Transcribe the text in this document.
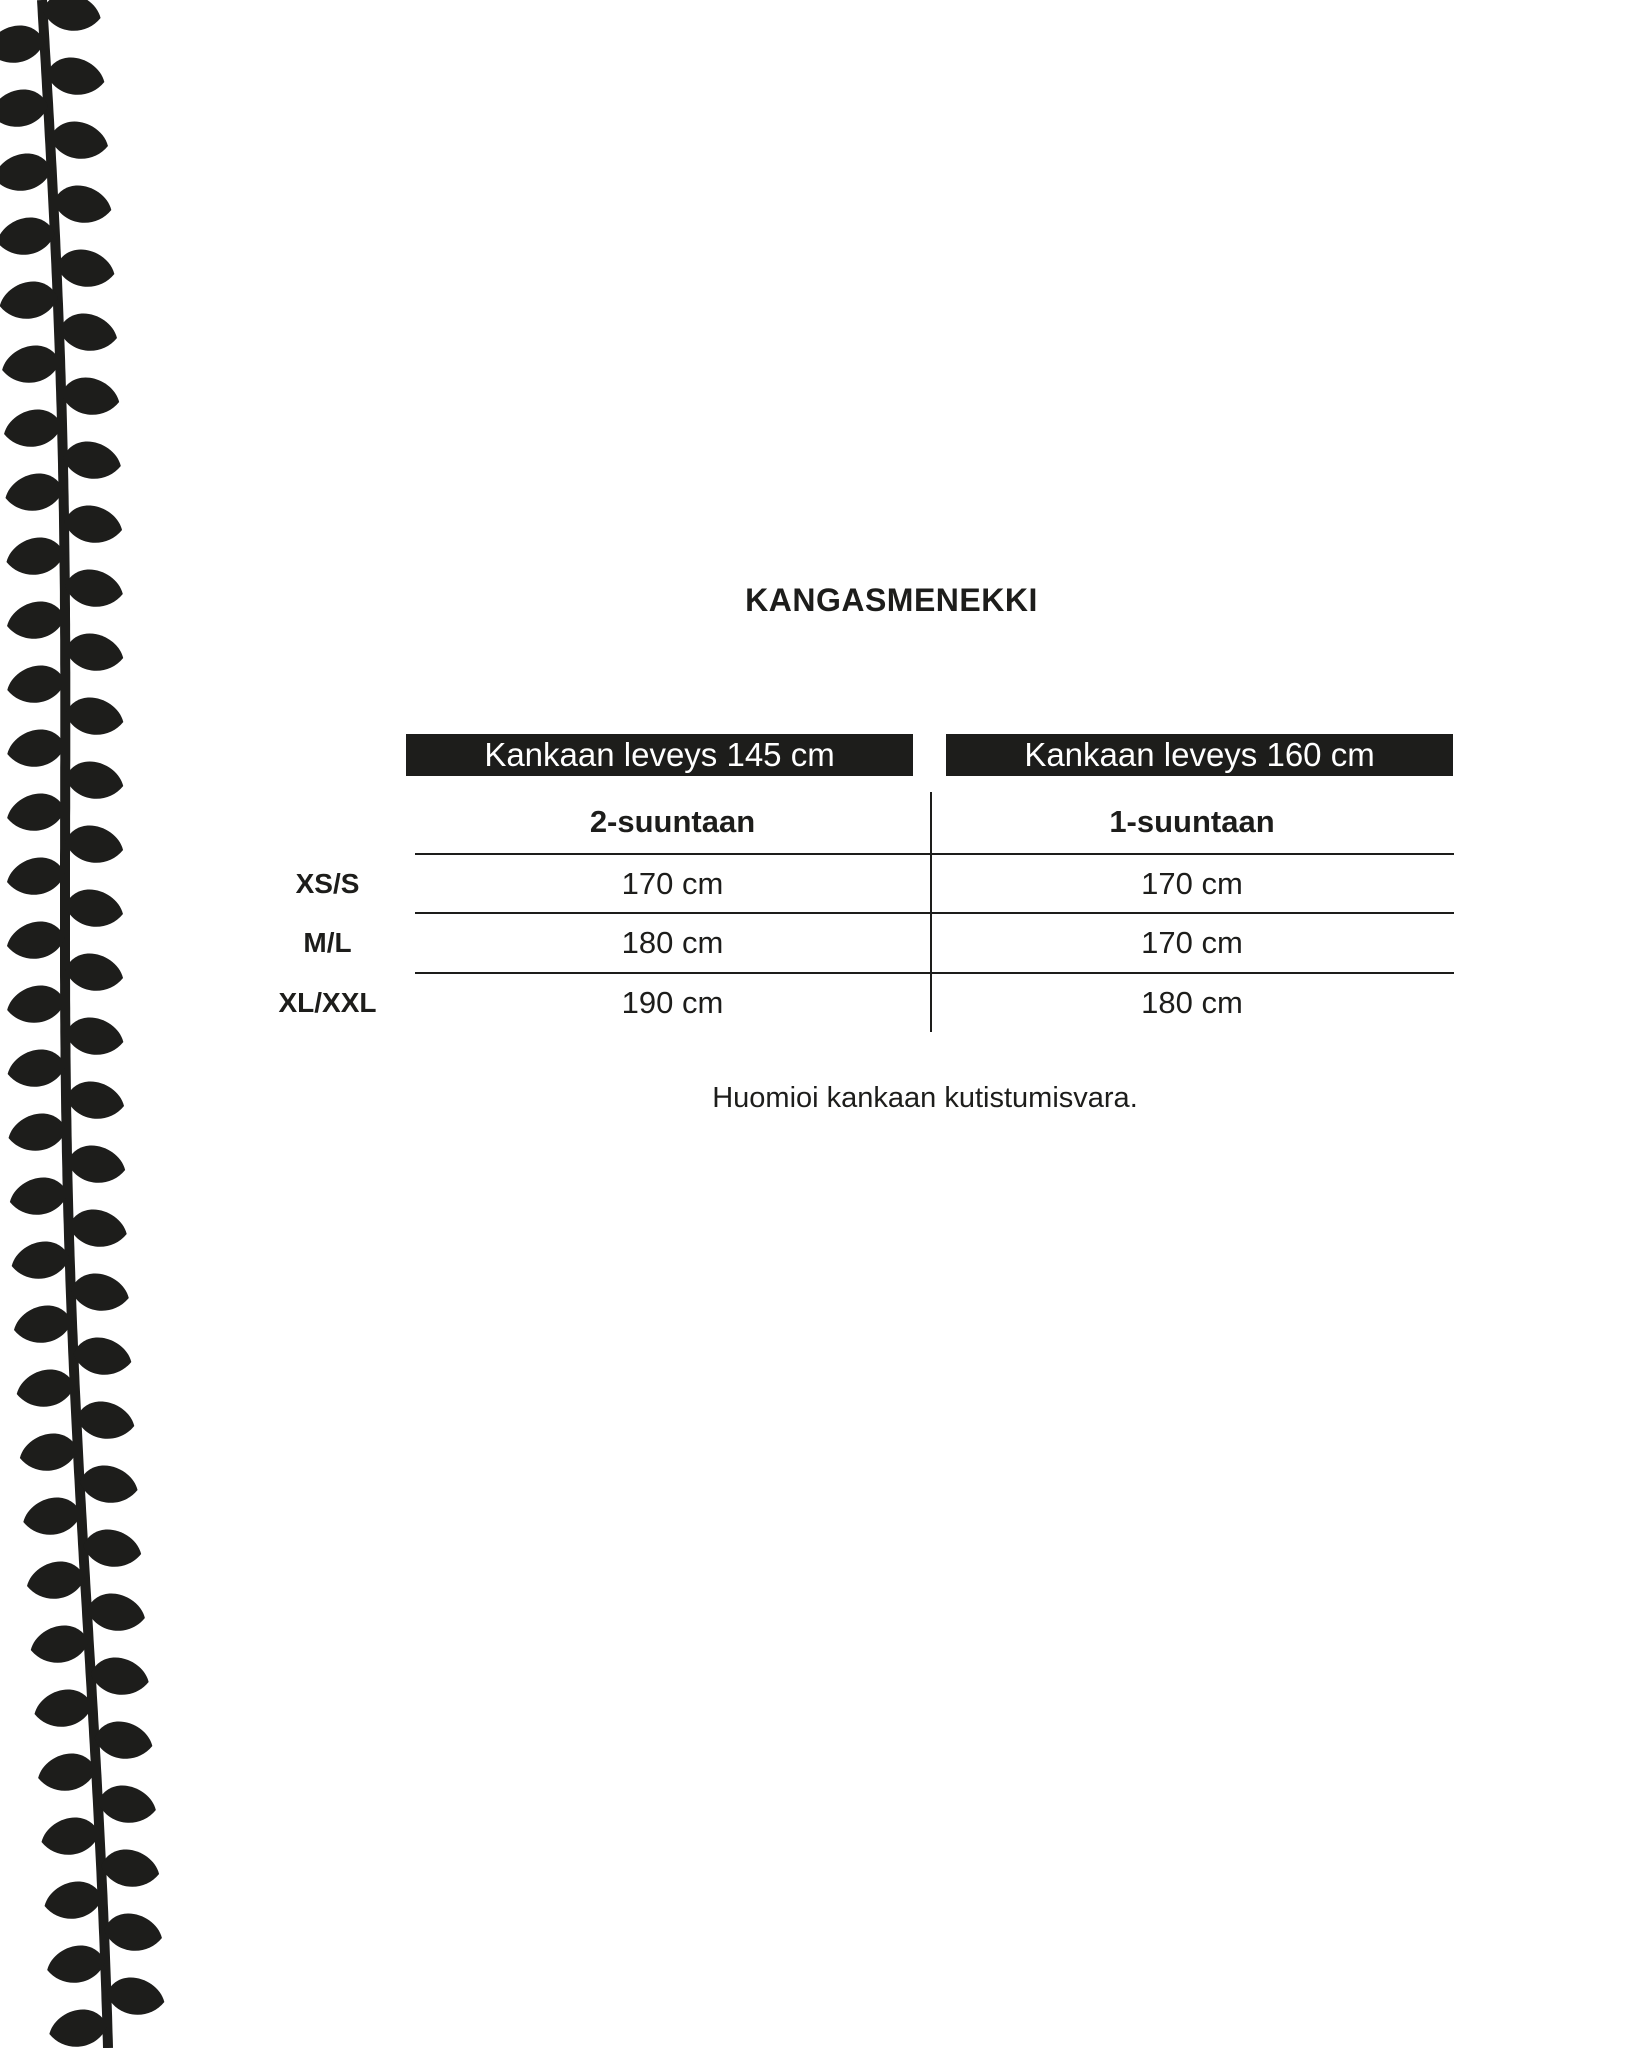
KANGASMENEKKI
Kankaan leveys 145 cm	Kankaan leveys 160 cm
2-suuntaan	1-suuntaan
XS/S	170 cm	170 cm
M/L	180 cm	170 cm
XL/XXL	190 cm	180 cm
Huomioi kankaan kutistumisvara.
